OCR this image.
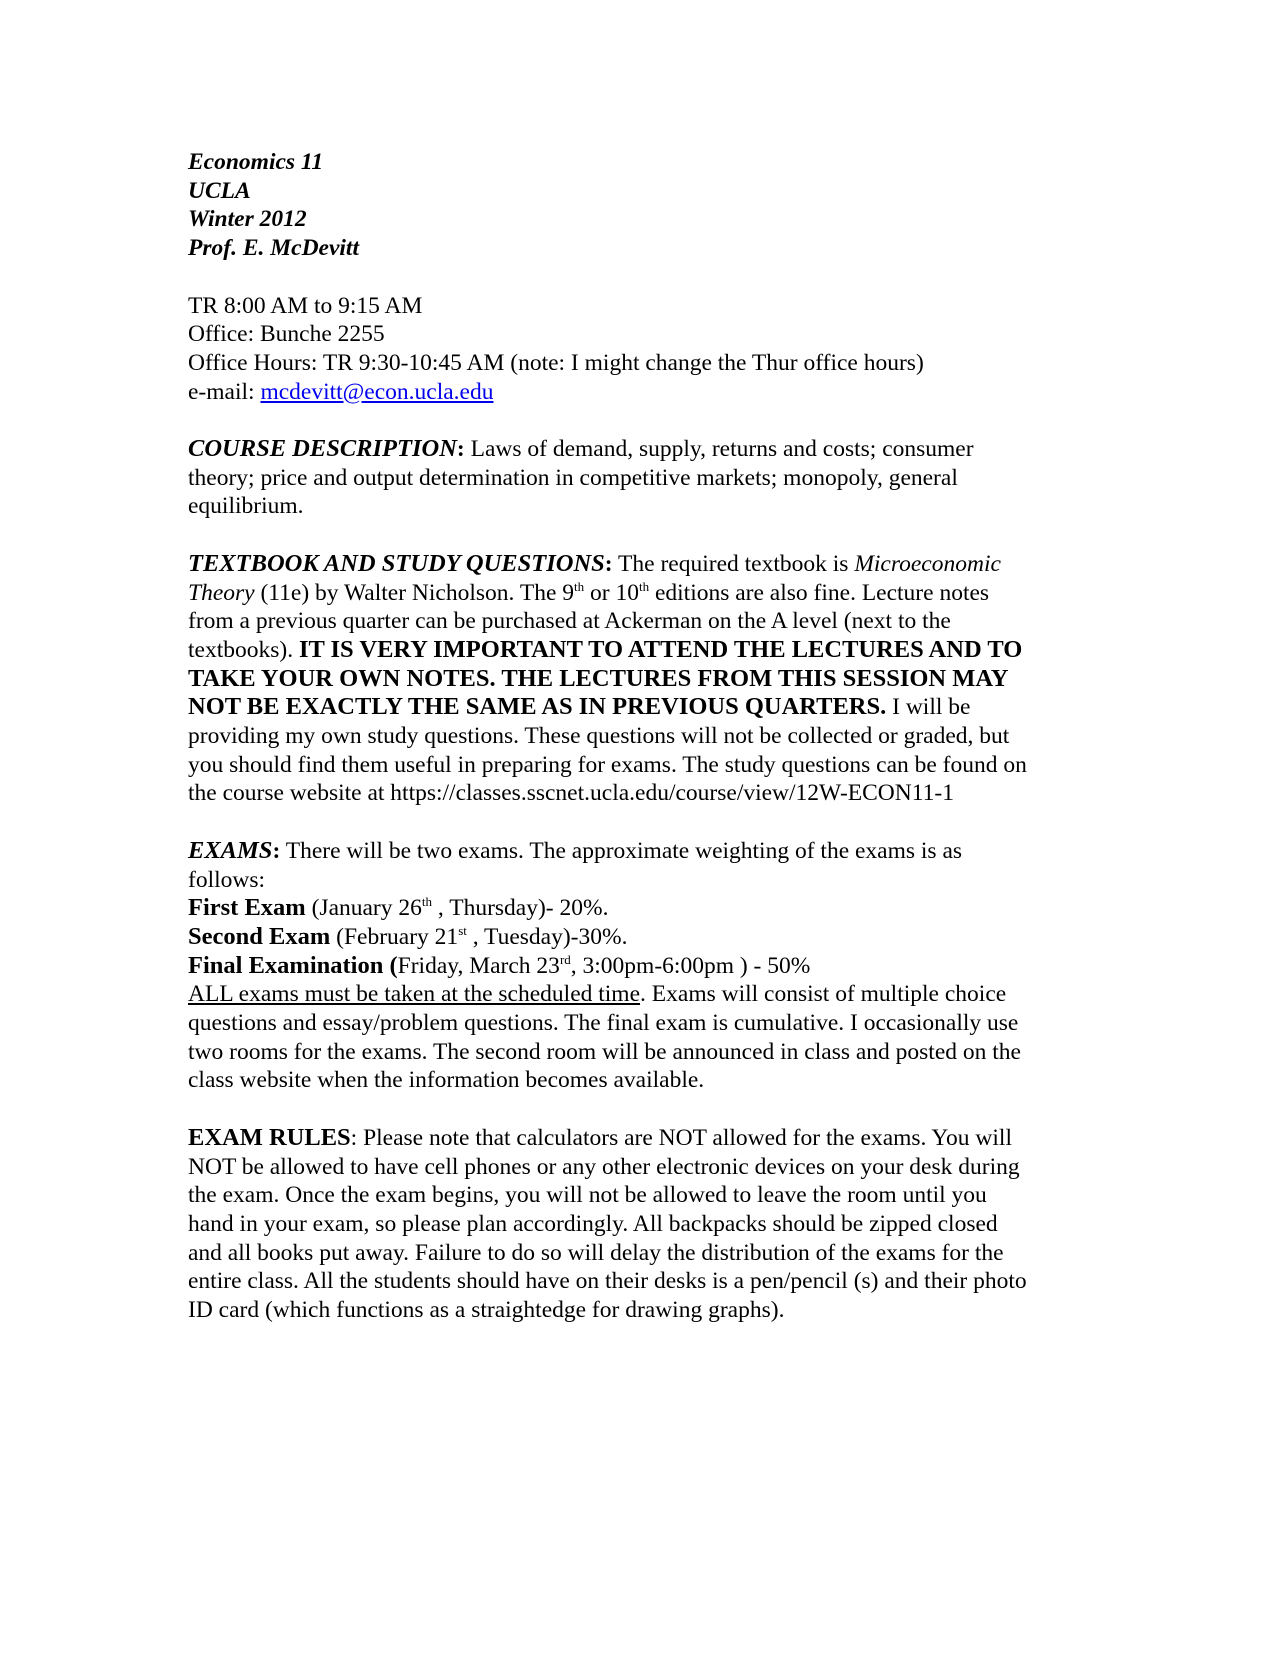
Economics 11
UCLA
Winter 2012
Prof. E. McDevitt
TR 8:00 AM to 9:15 AM
Office: Bunche 2255
Office Hours: TR 9:30-10:45 AM (note: I might change the Thur office hours)
e-mail: mcdevitt@econ.ucla.edu
COURSE DESCRIPTION: Laws of demand, supply, returns and costs; consumer
theory; price and output determination in competitive markets; monopoly, general
equilibrium.
TEXTBOOK AND STUDY QUESTIONS: The required textbook is Microeconomic
Theory (11e) by Walter Nicholson. The 9th or 10th editions are also fine. Lecture notes
from a previous quarter can be purchased at Ackerman on the A level (next to the
textbooks). IT IS VERY IMPORTANT TO ATTEND THE LECTURES AND TO
TAKE YOUR OWN NOTES. THE LECTURES FROM THIS SESSION MAY
NOT BE EXACTLY THE SAME AS IN PREVIOUS QUARTERS. I will be
providing my own study questions. These questions will not be collected or graded, but
you should find them useful in preparing for exams. The study questions can be found on
the course website at https://classes.sscnet.ucla.edu/course/view/12W-ECON11-1
EXAMS: There will be two exams. The approximate weighting of the exams is as
follows:
First Exam (January 26th , Thursday)- 20%.
Second Exam (February 21st , Tuesday)-30%.
Final Examination (Friday, March 23rd, 3:00pm-6:00pm ) - 50%
ALL exams must be taken at the scheduled time. Exams will consist of multiple choice
questions and essay/problem questions. The final exam is cumulative. I occasionally use
two rooms for the exams. The second room will be announced in class and posted on the
class website when the information becomes available.
EXAM RULES: Please note that calculators are NOT allowed for the exams. You will
NOT be allowed to have cell phones or any other electronic devices on your desk during
the exam. Once the exam begins, you will not be allowed to leave the room until you
hand in your exam, so please plan accordingly. All backpacks should be zipped closed
and all books put away. Failure to do so will delay the distribution of the exams for the
entire class. All the students should have on their desks is a pen/pencil (s) and their photo
ID card (which functions as a straightedge for drawing graphs).
